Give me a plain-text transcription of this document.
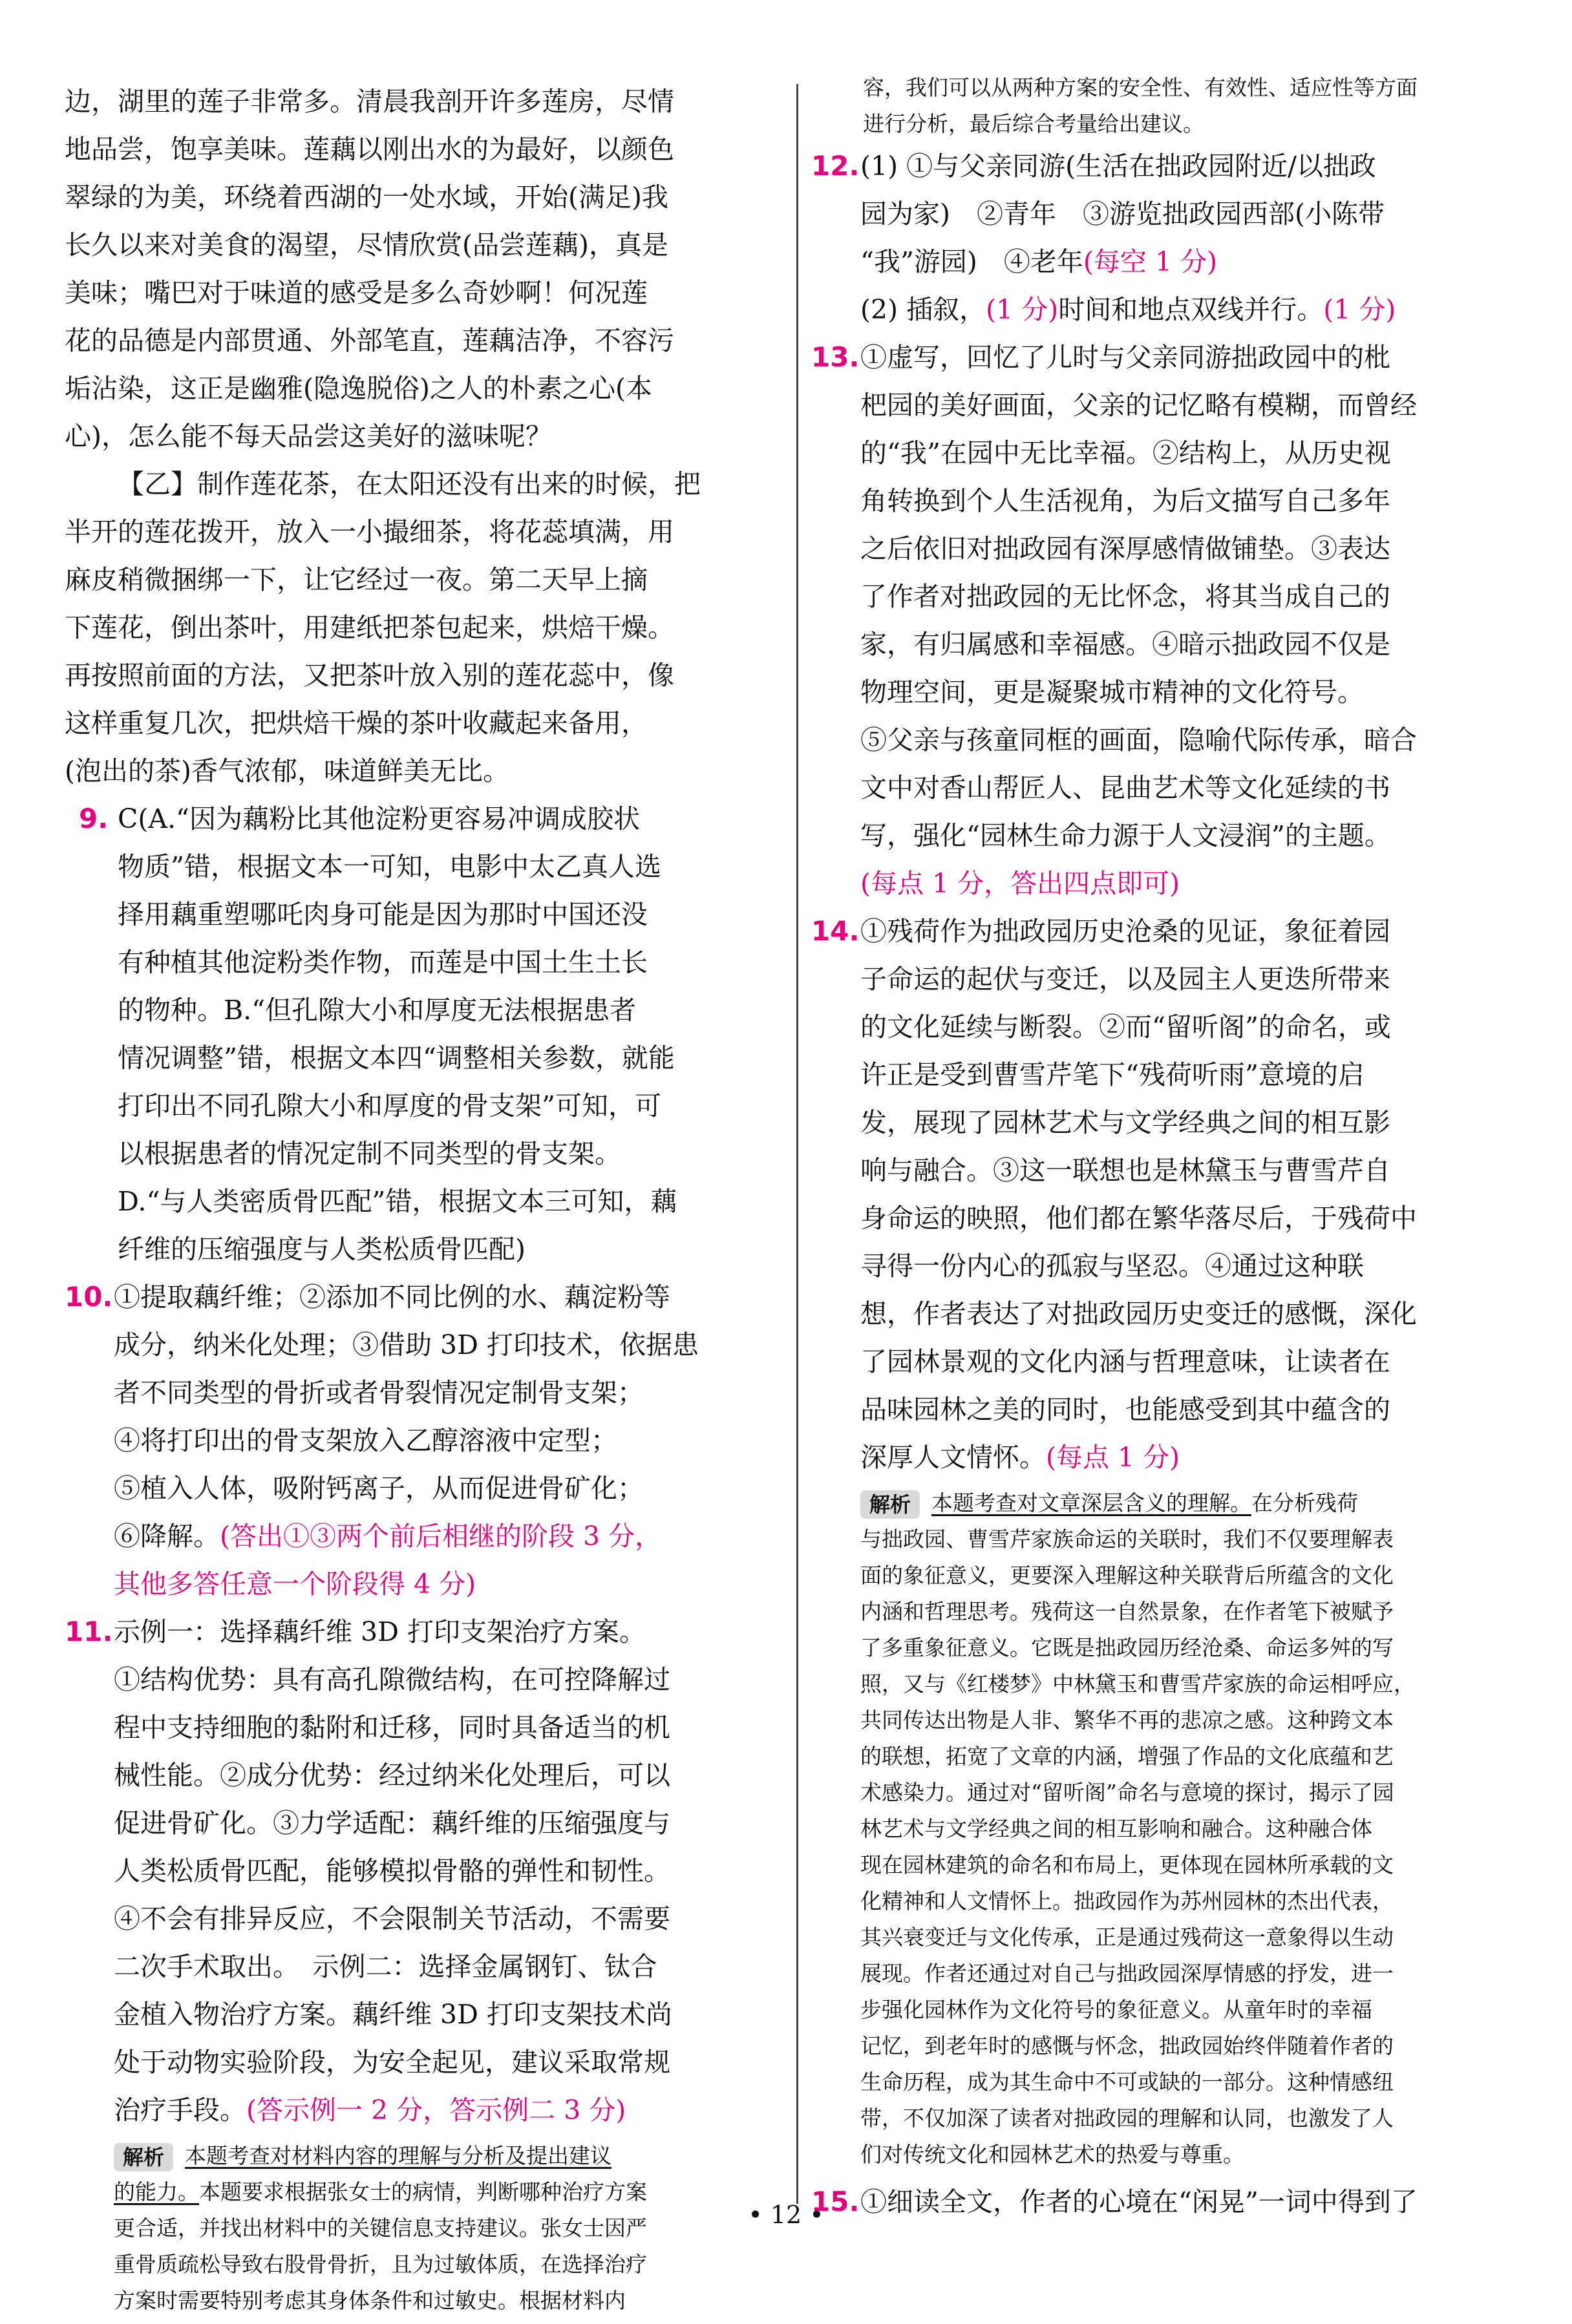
边，湖里的莲子非常多。清晨我剖开许多莲房，尽情
地品尝，饱享美味。莲藕以刚出水的为最好，以颜色
翠绿的为美，环绕着西湖的一处水域，开始(满足)我
长久以来对美食的渴望，尽情欣赏(品尝莲藕)，真是
美味；嘴巴对于味道的感受是多么奇妙啊！何况莲
花的品德是内部贯通、外部笔直，莲藕洁净，不容污
垢沾染，这正是幽雅(隐逸脱俗)之人的朴素之心(本
心)，怎么能不每天品尝这美好的滋味呢？
【乙】制作莲花茶，在太阳还没有出来的时候，把
半开的莲花拨开，放入一小撮细茶，将花蕊填满，用
麻皮稍微捆绑一下，让它经过一夜。第二天早上摘
下莲花，倒出茶叶，用建纸把茶包起来，烘焙干燥。
再按照前面的方法，又把茶叶放入别的莲花蕊中，像
这样重复几次，把烘焙干燥的茶叶收藏起来备用，
(泡出的茶)香气浓郁，味道鲜美无比。
9. C(A.“因为藕粉比其他淀粉更容易冲调成胶状
物质”错，根据文本一可知，电影中太乙真人选
择用藕重塑哪吒肉身可能是因为那时中国还没
有种植其他淀粉类作物，而莲是中国土生土长
的物种。B.“但孔隙大小和厚度无法根据患者
情况调整”错，根据文本四“调整相关参数，就能
打印出不同孔隙大小和厚度的骨支架”可知，可
以根据患者的情况定制不同类型的骨支架。
D.“与人类密质骨匹配”错，根据文本三可知，藕
纤维的压缩强度与人类松质骨匹配)
10. ①提取藕纤维；②添加不同比例的水、藕淀粉等
成分，纳米化处理；③借助 3D 打印技术，依据患
者不同类型的骨折或者骨裂情况定制骨支架；
④将打印出的骨支架放入乙醇溶液中定型；
⑤植入人体，吸附钙离子，从而促进骨矿化；
⑥降解。(答出①③两个前后相继的阶段 3 分，
其他多答任意一个阶段得 4 分)
11. 示例一：选择藕纤维 3D 打印支架治疗方案。
①结构优势：具有高孔隙微结构，在可控降解过
程中支持细胞的黏附和迁移，同时具备适当的机
械性能。②成分优势：经过纳米化处理后，可以
促进骨矿化。③力学适配：藕纤维的压缩强度与
人类松质骨匹配，能够模拟骨骼的弹性和韧性。
④不会有排异反应，不会限制关节活动，不需要
二次手术取出。　示例二：选择金属钢钉、钛合
金植入物治疗方案。藕纤维 3D 打印支架技术尚
处于动物实验阶段，为安全起见，建议采取常规
治疗手段。(答示例一 2 分，答示例二 3 分)
解析 本题考查对材料内容的理解与分析及提出建议
的能力。本题要求根据张女士的病情，判断哪种治疗方案
更合适，并找出材料中的关键信息支持建议。张女士因严
重骨质疏松导致右股骨骨折，且为过敏体质，在选择治疗
方案时需要特别考虑其身体条件和过敏史。根据材料内
容，我们可以从两种方案的安全性、有效性、适应性等方面
进行分析，最后综合考量给出建议。
12. (1) ①与父亲同游(生活在拙政园附近/以拙政
园为家)　②青年　③游览拙政园西部(小陈带
“我”游园)　④老年(每空 1 分)
(2) 插叙，(1 分)时间和地点双线并行。(1 分)
13. ①虚写，回忆了儿时与父亲同游拙政园中的枇
杷园的美好画面，父亲的记忆略有模糊，而曾经
的“我”在园中无比幸福。②结构上，从历史视
角转换到个人生活视角，为后文描写自己多年
之后依旧对拙政园有深厚感情做铺垫。③表达
了作者对拙政园的无比怀念，将其当成自己的
家，有归属感和幸福感。④暗示拙政园不仅是
物理空间，更是凝聚城市精神的文化符号。
⑤父亲与孩童同框的画面，隐喻代际传承，暗合
文中对香山帮匠人、昆曲艺术等文化延续的书
写，强化“园林生命力源于人文浸润”的主题。
(每点 1 分，答出四点即可)
14. ①残荷作为拙政园历史沧桑的见证，象征着园
子命运的起伏与变迁，以及园主人更迭所带来
的文化延续与断裂。②而“留听阁”的命名，或
许正是受到曹雪芹笔下“残荷听雨”意境的启
发，展现了园林艺术与文学经典之间的相互影
响与融合。③这一联想也是林黛玉与曹雪芹自
身命运的映照，他们都在繁华落尽后，于残荷中
寻得一份内心的孤寂与坚忍。④通过这种联
想，作者表达了对拙政园历史变迁的感慨，深化
了园林景观的文化内涵与哲理意味，让读者在
品味园林之美的同时，也能感受到其中蕴含的
深厚人文情怀。(每点 1 分)
解析 本题考查对文章深层含义的理解。在分析残荷
与拙政园、曹雪芹家族命运的关联时，我们不仅要理解表
面的象征意义，更要深入理解这种关联背后所蕴含的文化
内涵和哲理思考。残荷这一自然景象，在作者笔下被赋予
了多重象征意义。它既是拙政园历经沧桑、命运多舛的写
照，又与《红楼梦》中林黛玉和曹雪芹家族的命运相呼应，
共同传达出物是人非、繁华不再的悲凉之感。这种跨文本
的联想，拓宽了文章的内涵，增强了作品的文化底蕴和艺
术感染力。通过对“留听阁”命名与意境的探讨，揭示了园
林艺术与文学经典之间的相互影响和融合。这种融合体
现在园林建筑的命名和布局上，更体现在园林所承载的文
化精神和人文情怀上。拙政园作为苏州园林的杰出代表，
其兴衰变迁与文化传承，正是通过残荷这一意象得以生动
展现。作者还通过对自己与拙政园深厚情感的抒发，进一
步强化园林作为文化符号的象征意义。从童年时的幸福
记忆，到老年时的感慨与怀念，拙政园始终伴随着作者的
生命历程，成为其生命中不可或缺的一部分。这种情感纽
带，不仅加深了读者对拙政园的理解和认同，也激发了人
们对传统文化和园林艺术的热爱与尊重。
15. ①细读全文，作者的心境在“闲晃”一词中得到了
• 12 •
